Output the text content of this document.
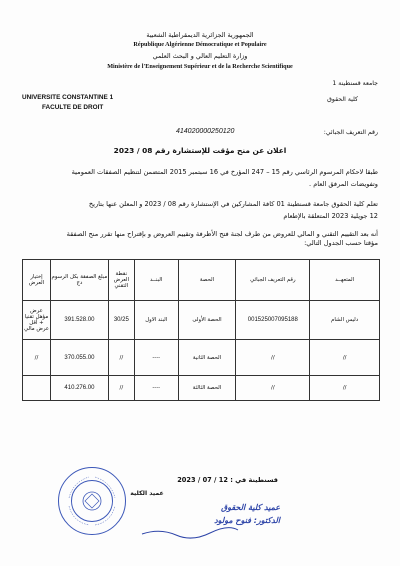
الجمهورية الجزائرية الديمقراطية الشعبية
République Algérienne Démocratique et Populaire
وزارة التعليم العالي و البحث العلمي
Ministère de l'Enseignement Supérieur et de la Recherche Scientifique
جامعة قسنطينة 1
كلية الحقوق
UNIVERSITE CONSTANTINE 1
FACULTE DE DROIT
رقم التعريف الجبائي:
414020000250120
اعلان عن منح مؤقت للإستشارة رقم 08 / 2023
طبقا لاحكام المرسوم الرئاسي رقم 15 – 247 المؤرخ في 16 سبتمبر 2015 المتضمن لتنظيم الصفقات العمومية
وتفويضات المرفق العام .
تعلم كلية الحقوق جامعة قسنطينة 01 كافة المشاركين في الإستشارة رقم 08 / 2023 و المعلن عنها بتاريخ
12 جويلية 2023 المتعلقة بالإطعام
أنه بعد التقييم التقني و المالي للعروض من طرف لجنة فتح الأظرفة وتقييم العروض و بإقتراح منها تقرر منح الصفقة
مؤقتا حسب الجدول التالي:
المتعهــد	رقم التعريف الجبائي	الحصة	البنــد	نقطة العرض التقني	مبلغ الصفقة بكل الرسوم دج	إختيار العرض
دليس الشام	001525007095188	الحصة الأولى	البند الاول	30/25	391.528.00	عرض مؤهل تقنيا + أقل عرض مالي
//	//	الحصة الثانية	----	//	370.055.00	//
//	//	الحصة الثالثة	----	//	410.276.00	
قسنطينة في : 12 / 07 / 2023
عميد الكلية
عميد كلية الحقوق
الدكتور: فنوح مولود
